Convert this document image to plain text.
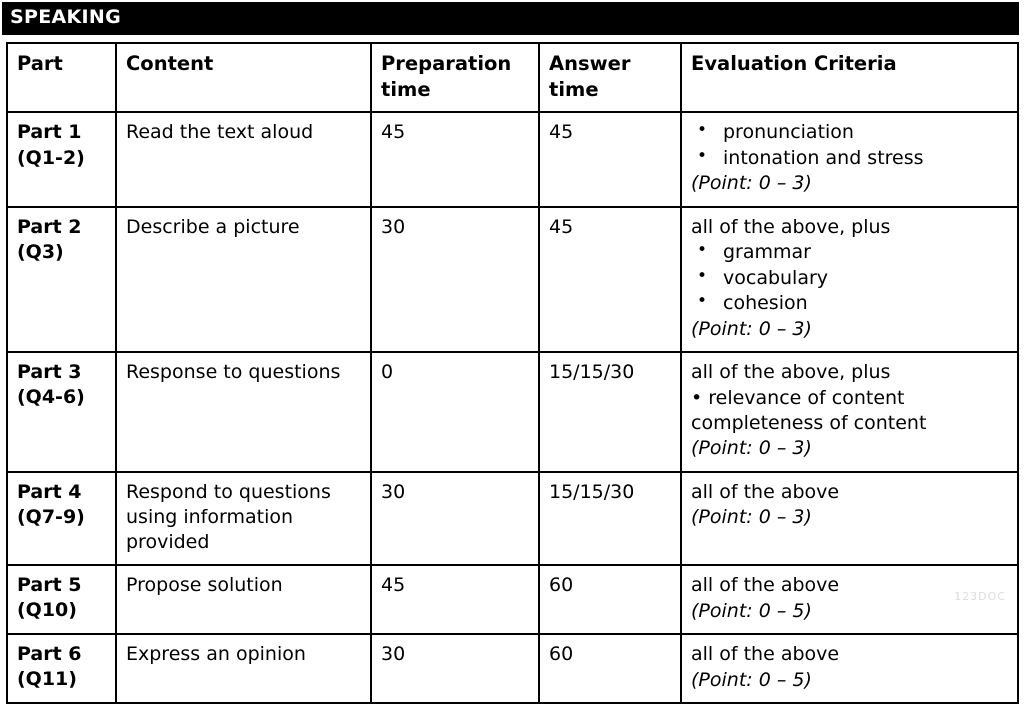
SPEAKING
Part	Content	Preparation time	Answer time	Evaluation Criteria
Part 1 (Q1-2)	Read the text aloud	45	45	
•pronunciation
• intonation and stress
(Point: 0 – 3)

Part 2 (Q3)	Describe a picture	30	45	all of the above, plus
• grammar
• vocabulary
• cohesion
(Point: 0 – 3)

Part 3 (Q4-6)	Response to questions	0	15/15/30	all of the above, plus
• relevance of content
completeness of content
(Point: 0 – 3)

Part 4 (Q7-9)	Respond to questions using information provided	30	15/15/30	all of the above
(Point: 0 – 3)

Part 5 (Q10)	Propose solution	45	60	all of the above
(Point: 0 – 5)

Part 6 (Q11)	Express an opinion	30	60	all of the above
(Point: 0 – 5)
123DOC
